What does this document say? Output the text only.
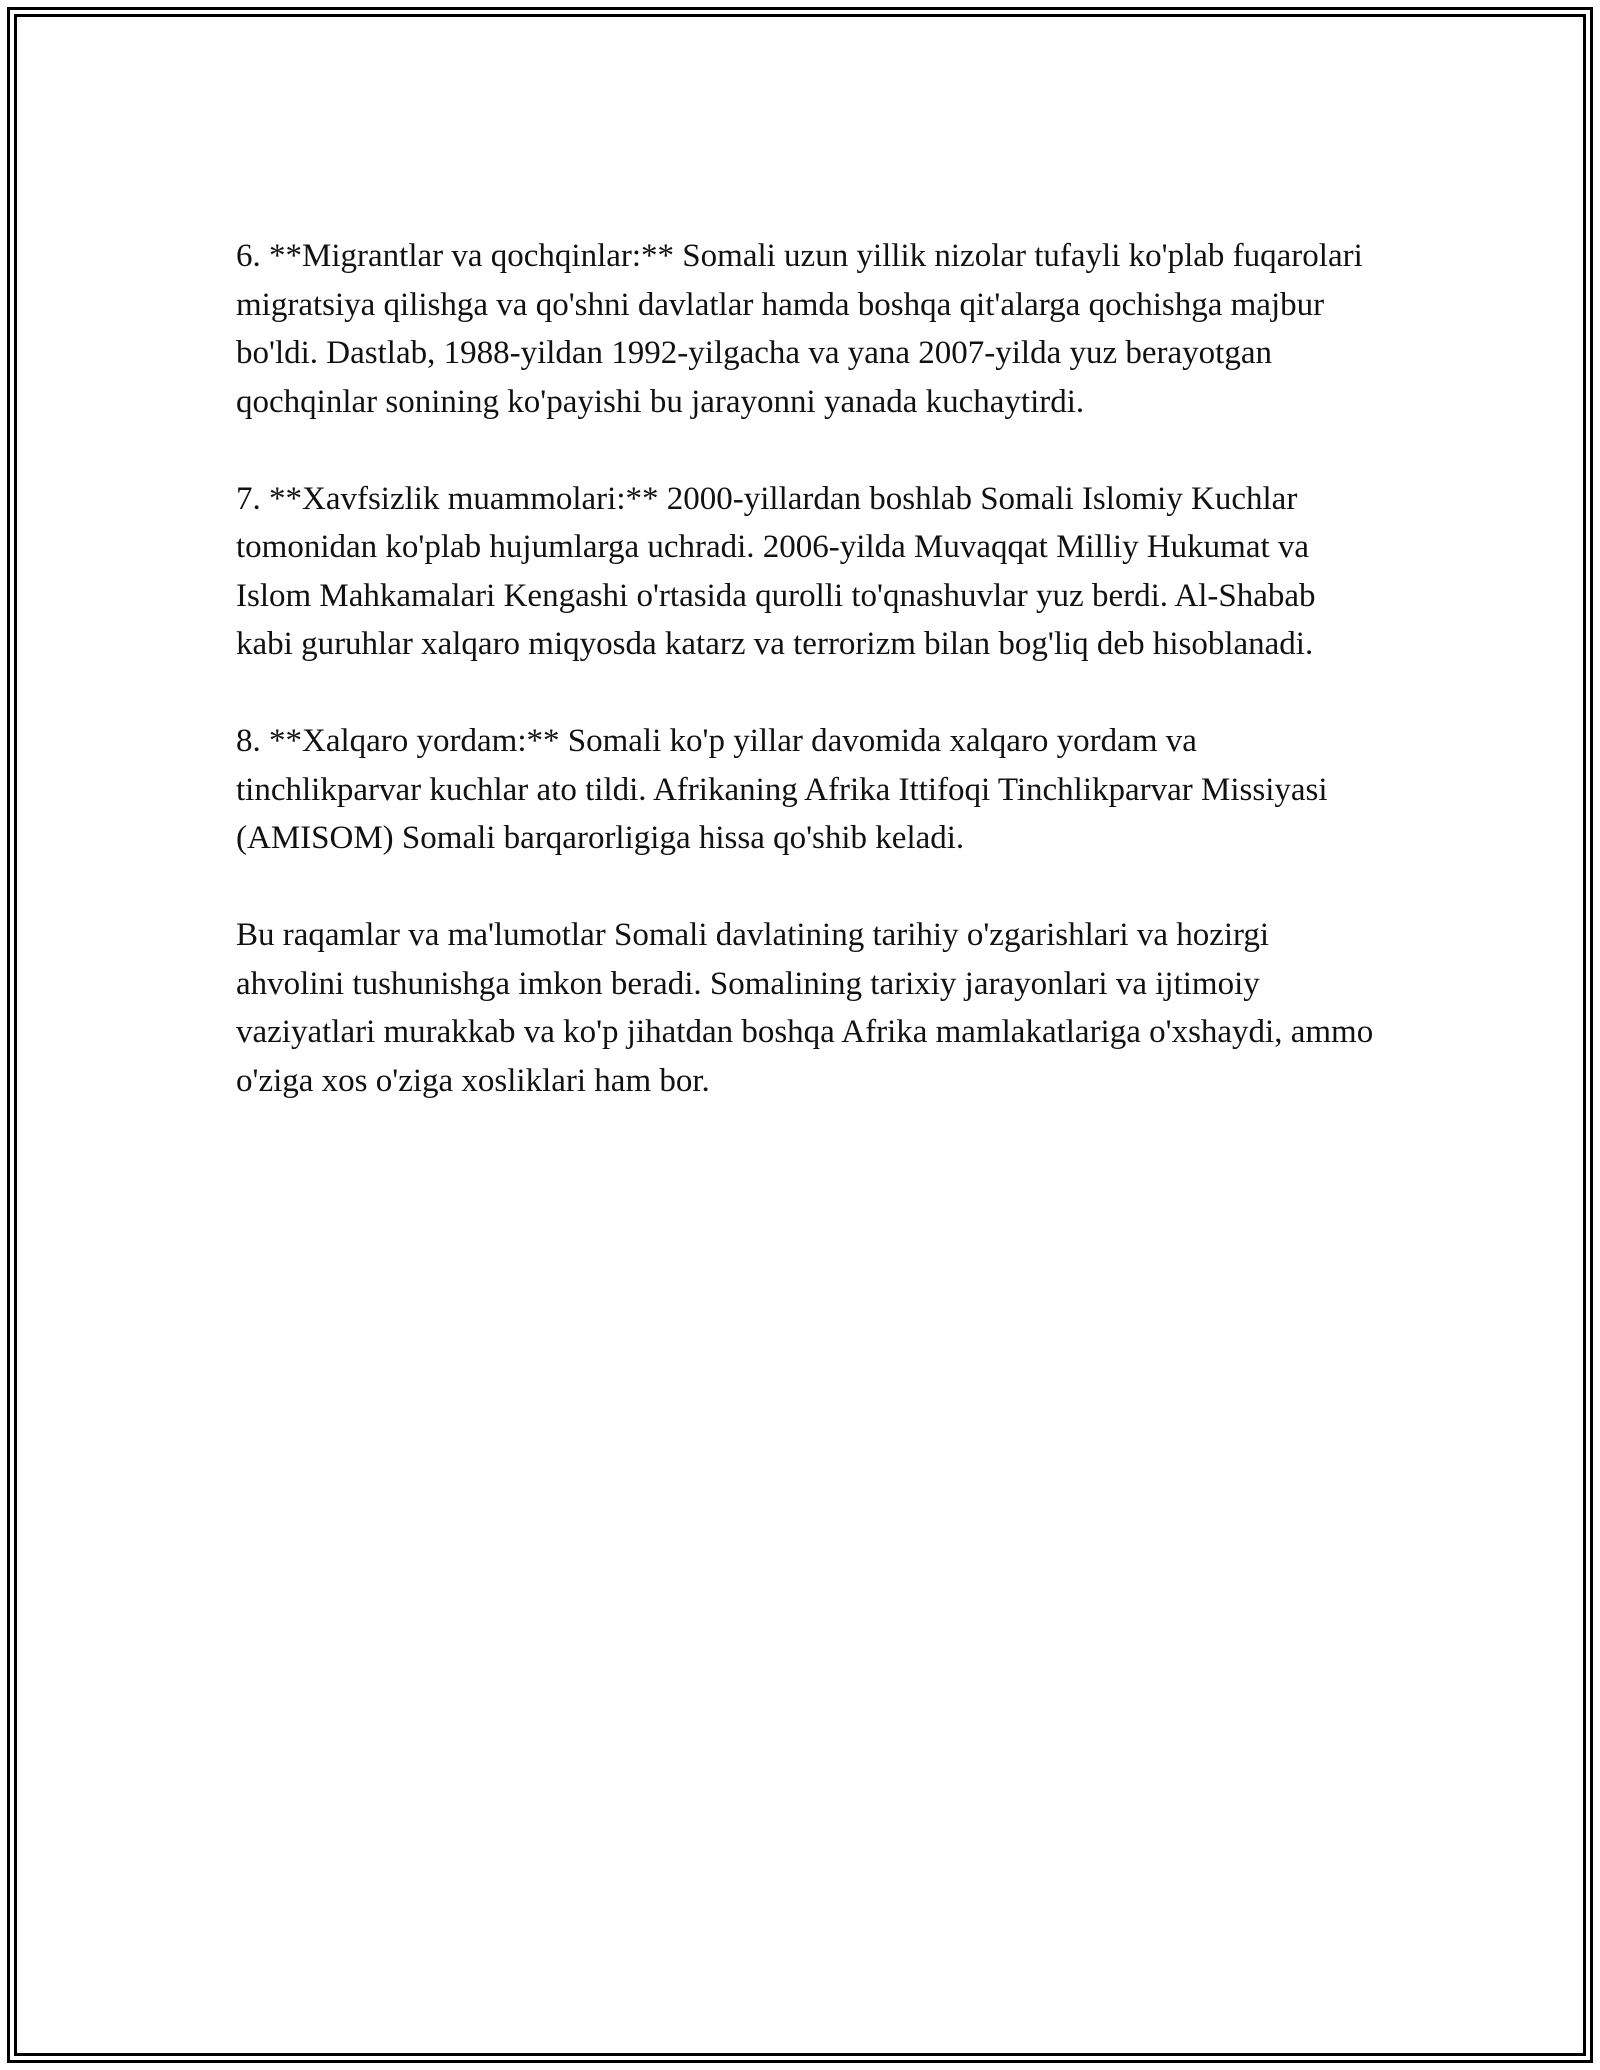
6. **Migrantlar va qochqinlar:** Somali uzun yillik nizolar tufayli ko'plab fuqarolari migratsiya qilishga va qo'shni davlatlar hamda boshqa qit'alarga qochishga majbur bo'ldi. Dastlab, 1988-yildan 1992-yilgacha va yana 2007-yilda yuz berayotgan qochqinlar sonining ko'payishi bu jarayonni yanada kuchaytirdi.

7. **Xavfsizlik muammolari:** 2000-yillardan boshlab Somali Islomiy Kuchlar tomonidan ko'plab hujumlarga uchradi. 2006-yilda Muvaqqat Milliy Hukumat va Islom Mahkamalari Kengashi o'rtasida qurolli to'qnashuvlar yuz berdi. Al-Shabab kabi guruhlar xalqaro miqyosda katarz va terrorizm bilan bog'liq deb hisoblanadi.

8. **Xalqaro yordam:** Somali ko'p yillar davomida xalqaro yordam va tinchlikparvar kuchlar ato tildi. Afrikaning Afrika Ittifoqi Tinchlikparvar Missiyasi (AMISOM) Somali barqarorligiga hissa qo'shib keladi.

Bu raqamlar va ma'lumotlar Somali davlatining tarihiy o'zgarishlari va hozirgi ahvolini tushunishga imkon beradi. Somalining tarixiy jarayonlari va ijtimoiy vaziyatlari murakkab va ko'p jihatdan boshqa Afrika mamlakatlariga o'xshaydi, ammo o'ziga xos o'ziga xosliklari ham bor.
